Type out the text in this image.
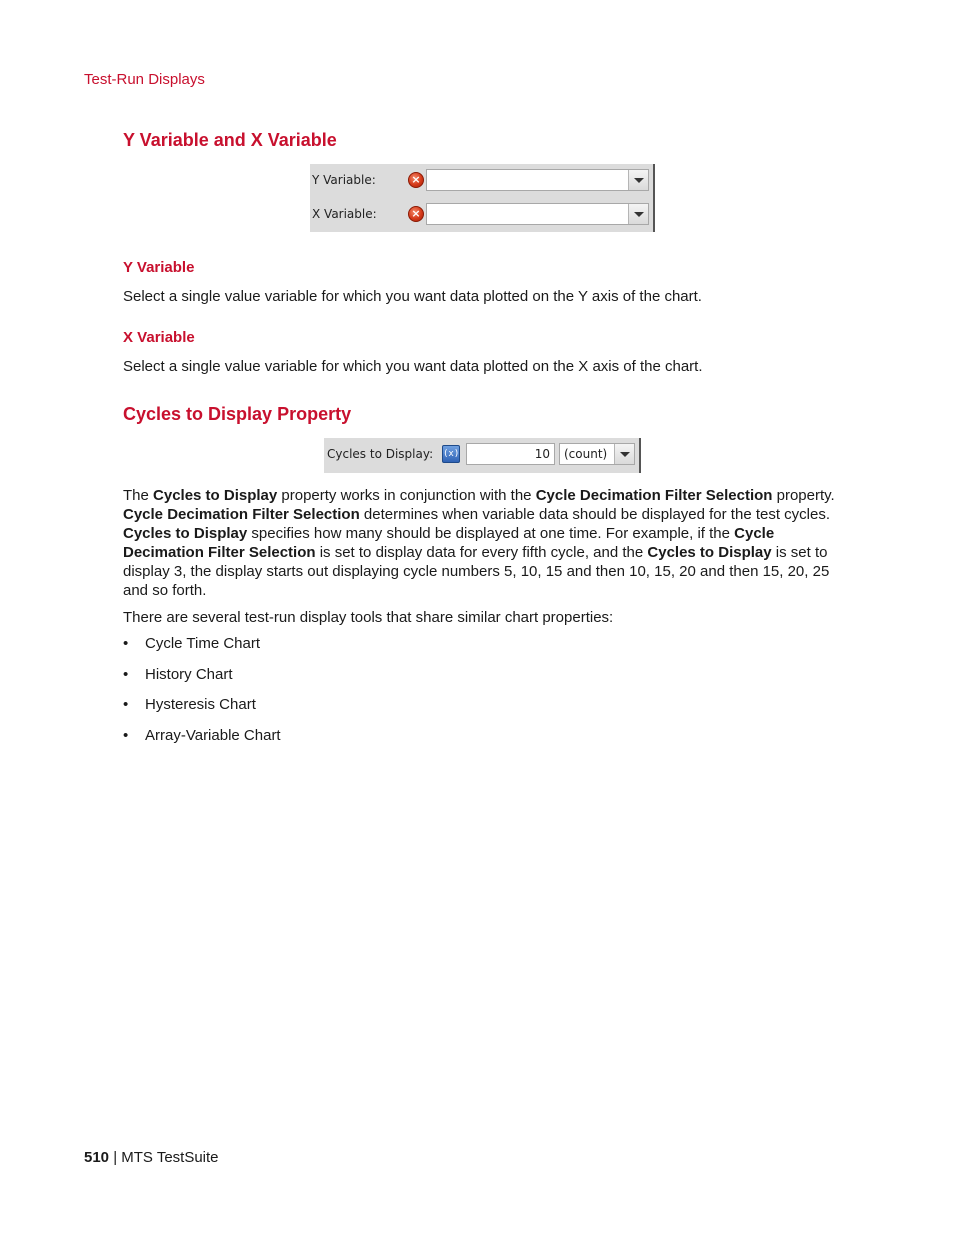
Test-Run Displays
Y Variable and X Variable
Y Variable:	×
X Variable:	×
Y Variable
Select a single value variable for which you want data plotted on the Y axis of the chart.
X Variable
Select a single value variable for which you want data plotted on the X axis of the chart.
Cycles to Display Property
Cycles to Display: (x)	10 (count)
The Cycles to Display property works in conjunction with the Cycle Decimation Filter Selection property. Cycle Decimation Filter Selection determines when variable data should be displayed for the test cycles. Cycles to Display specifies how many should be displayed at one time. For example, if the Cycle Decimation Filter Selection is set to display data for every fifth cycle, and the Cycles to Display is set to display 3, the display starts out displaying cycle numbers 5, 10, 15 and then 10, 15, 20 and then 15, 20, 25 and so forth.
There are several test-run display tools that share similar chart properties:
• Cycle Time Chart
• History Chart
• Hysteresis Chart
• Array-Variable Chart
510 | MTS TestSuite
